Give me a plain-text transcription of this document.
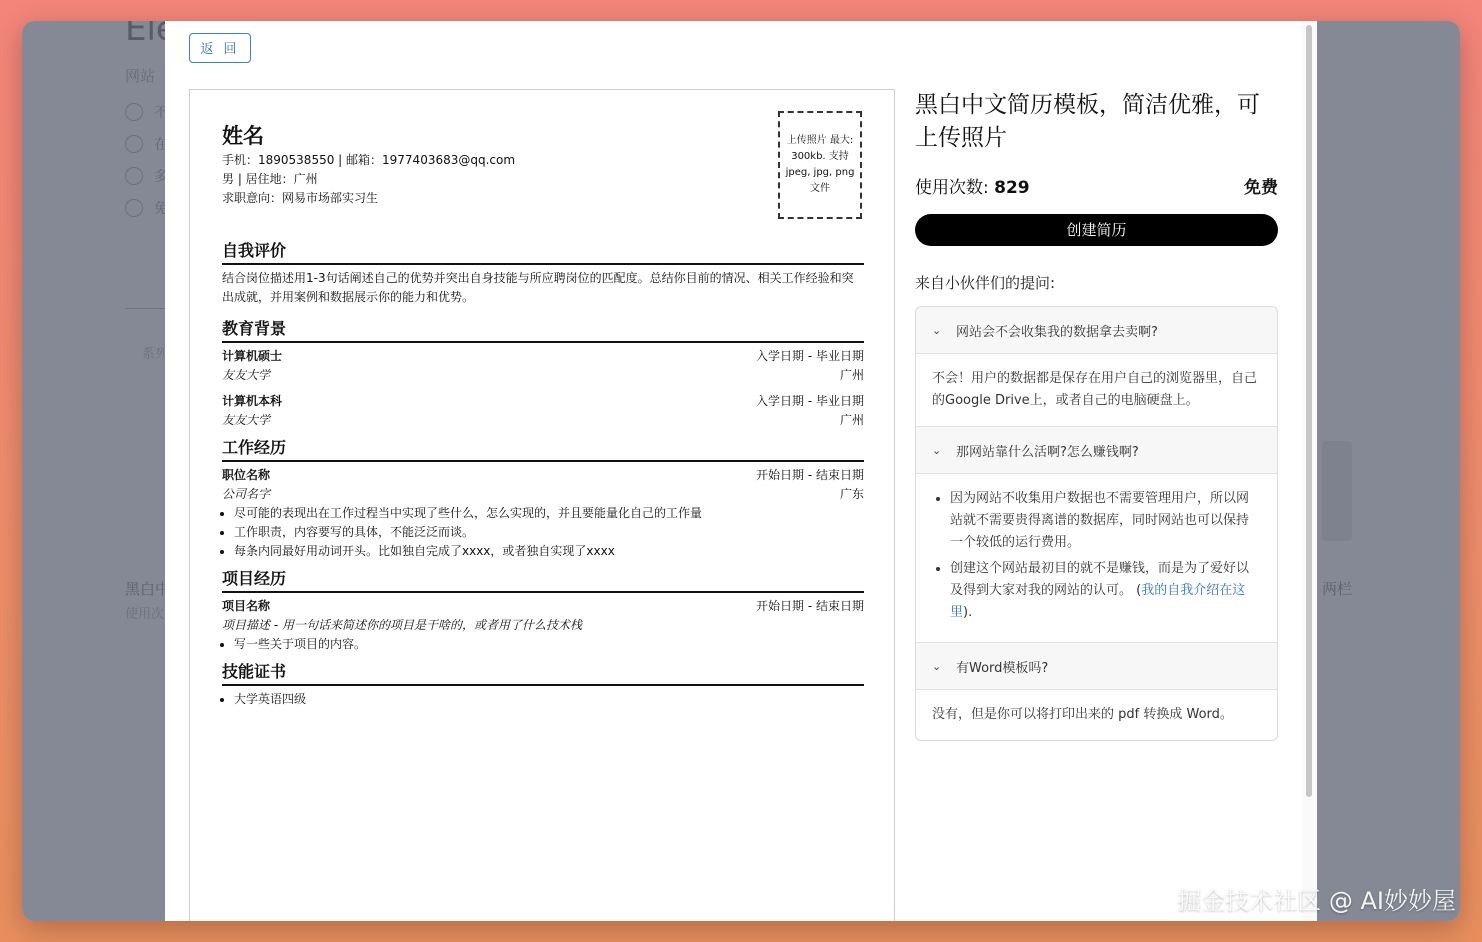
返 回
姓名
手机：1890538550 | 邮箱：1977403683@qq.com
男 | 居住地：广州
求职意向：网易市场部实习生
上传照片 最大: 300kb. 支持 jpeg, jpg, png 文件
自我评价
结合岗位描述用1-3句话阐述自己的优势并突出自身技能与所应聘岗位的匹配度。总结你目前的情况、相关工作经验和突出成就，并用案例和数据展示你的能力和优势。
教育背景
计算机硕士	入学日期 - 毕业日期
友友大学	广州
计算机本科	入学日期 - 毕业日期
友友大学	广州
工作经历
职位名称	开始日期 - 结束日期
公司名字	广东
• 尽可能的表现出在工作过程当中实现了些什么，怎么实现的，并且要能量化自己的工作量
• 工作职责，内容要写的具体，不能泛泛而谈。
• 每条内同最好用动词开头。比如独自完成了xxxx，或者独自实现了xxxx
项目经历
项目名称	开始日期 - 结束日期
项目描述 - 用一句话来简述你的项目是干啥的，或者用了什么技术栈
• 写一些关于项目的内容。
技能证书
• 大学英语四级
黑白中文简历模板，简洁优雅，可上传照片
使用次数: 829	免费
创建简历
来自小伙伴们的提问:
⌄	网站会不会收集我的数据拿去卖啊?
不会！用户的数据都是保存在用户自己的浏览器里，自己的Google Drive上，或者自己的电脑硬盘上。
⌄	那网站靠什么活啊?怎么赚钱啊?
• 因为网站不收集用户数据也不需要管理用户，所以网站就不需要贵得离谱的数据库，同时网站也可以保持一个较低的运行费用。
• 创建这个网站最初目的就不是赚钱，而是为了爱好以及得到大家对我的网站的认可。 (我的自我介绍在这里).
⌄	有Word模板吗?
没有，但是你可以将打印出来的 pdf 转换成 Word。
掘金技术社区 @ AI妙妙屋
